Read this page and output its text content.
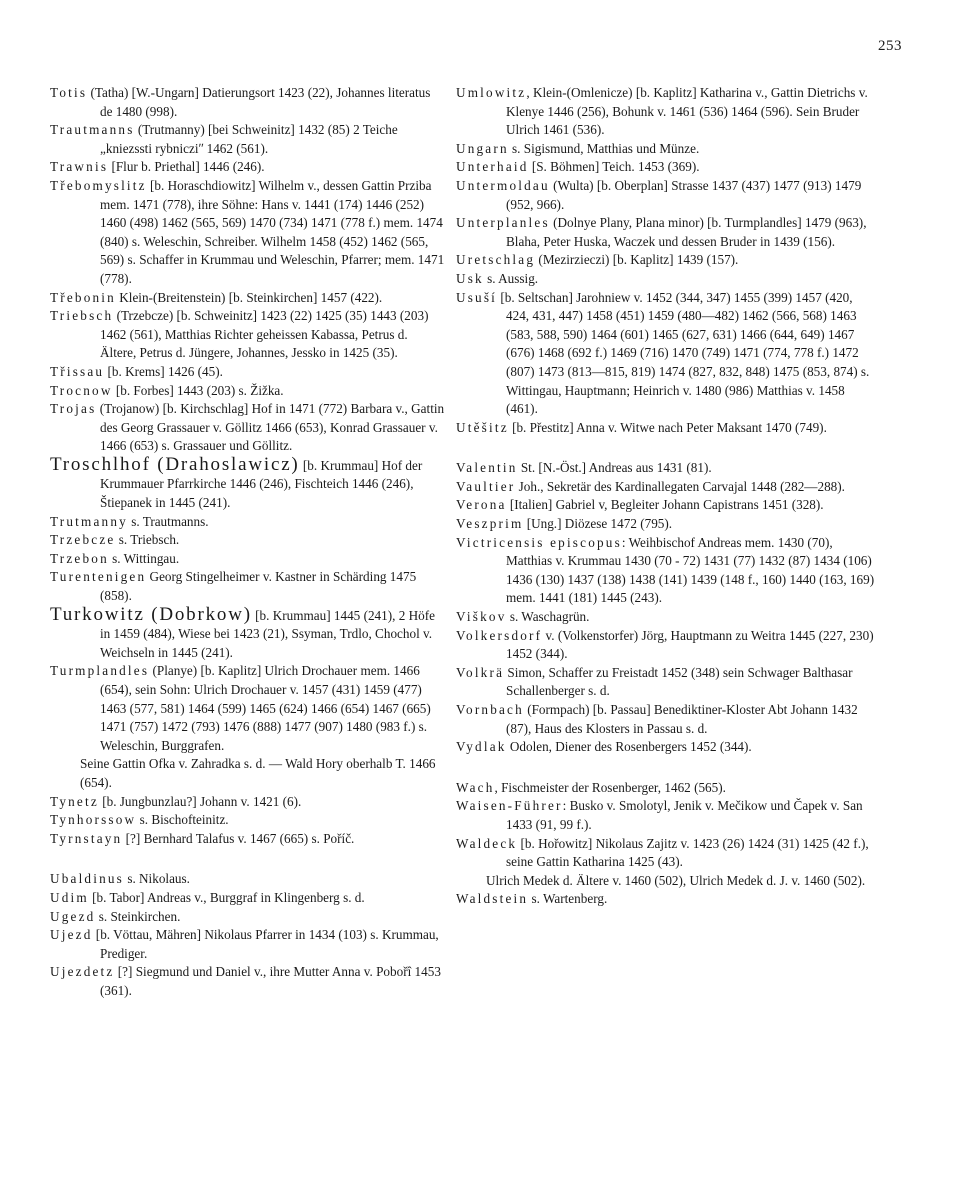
253

Totis (Tatha) [W.-Ungarn] Datierungsort 1423 (22), Johannes literatus de 1480 (998).

Trautmanns (Trutmanny) [bei Schweinitz] 1432 (85) 2 Teiche „kniezssti rybnicziʺ 1462 (561).

Trawnis [Flur b. Priethal] 1446 (246).

Třebomyslitz [b. Horaschdiowitz] Wilhelm v., dessen Gattin Prziba mem. 1471 (778), ihre Söhne: Hans v. 1441 (174) 1446 (252) 1460 (498) 1462 (565, 569) 1470 (734) 1471 (778 f.) mem. 1474 (840) s. Weleschin, Schreiber. Wilhelm 1458 (452) 1462 (565, 569) s. Schaffer in Krummau und Weleschin, Pfarrer; mem. 1471 (778).

Třebonin Klein-(Breitenstein) [b. Steinkirchen] 1457 (422).

Triebsch (Trzebcze) [b. Schweinitz] 1423 (22) 1425 (35) 1443 (203) 1462 (561), Matthias Richter geheissen Kabassa, Petrus d. Ältere, Petrus d. Jüngere, Johannes, Jessko in 1425 (35).

Třissau [b. Krems] 1426 (45).

Trocnow [b. Forbes] 1443 (203) s. Žižka.

Trojas (Trojanow) [b. Kirchschlag] Hof in 1471 (772) Barbara v., Gattin des Georg Grassauer v. Göllitz 1466 (653), Konrad Grassauer v. 1466 (653) s. Grassauer und Göllitz.

Troschlhof (Drahoslawicz) [b. Krummau] Hof der Krummauer Pfarrkirche 1446 (246), Fischteich 1446 (246), Štiepanek in 1445 (241).

Trutmanny s. Trautmanns.

Trzebcze s. Triebsch.

Trzebon s. Wittingau.

Turentenigen Georg Stingelheimer v. Kastner in Schärding 1475 (858).

Turkowitz (Dobrkow) [b. Krummau] 1445 (241), 2 Höfe in 1459 (484), Wiese bei 1423 (21), Ssyman, Trdlo, Chochol v. Weichseln in 1445 (241).

Turmplandles (Planye) [b. Kaplitz] Ulrich Drochauer mem. 1466 (654), sein Sohn: Ulrich Drochauer v. 1457 (431) 1459 (477) 1463 (577, 581) 1464 (599) 1465 (624) 1466 (654) 1467 (665) 1471 (757) 1472 (793) 1476 (888) 1477 (907) 1480 (983 f.) s. Weleschin, Burggrafen.

Seine Gattin Ofka v. Zahradka s. d. — Wald Hory oberhalb T. 1466 (654).

Tynetz [b. Jungbunzlau?] Johann v. 1421 (6).

Tynhorssow s. Bischofteinitz.

Tyrnstayn [?] Bernhard Talafus v. 1467 (665) s. Poříč.

Ubaldinus s. Nikolaus.

Udim [b. Tabor] Andreas v., Burggraf in Klingenberg s. d.

Ugezd s. Steinkirchen.

Ujezd [b. Vöttau, Mähren] Nikolaus Pfarrer in 1434 (103) s. Krummau, Prediger.

Ujezdetz [?] Siegmund und Daniel v., ihre Mutter Anna v. Pobořî 1453 (361).

Umlowitz, Klein-(Omlenicze) [b. Kaplitz] Katharina v., Gattin Dietrichs v. Klenye 1446 (256), Bohunk v. 1461 (536) 1464 (596). Sein Bruder Ulrich 1461 (536).

Ungarn s. Sigismund, Matthias und Münze.

Unterhaid [S. Böhmen] Teich. 1453 (369).

Untermoldau (Wulta) [b. Oberplan] Strasse 1437 (437) 1477 (913) 1479 (952, 966).

Unterplanles (Dolnye Plany, Plana minor) [b. Turmplandles] 1479 (963), Blaha, Peter Huska, Waczek und dessen Bruder in 1439 (156).

Uretschlag (Mezirzieczi) [b. Kaplitz] 1439 (157).

Usk s. Aussig.

Usuší [b. Seltschan] Jarohniew v. 1452 (344, 347) 1455 (399) 1457 (420, 424, 431, 447) 1458 (451) 1459 (480—482) 1462 (566, 568) 1463 (583, 588, 590) 1464 (601) 1465 (627, 631) 1466 (644, 649) 1467 (676) 1468 (692 f.) 1469 (716) 1470 (749) 1471 (774, 778 f.) 1472 (807) 1473 (813—815, 819) 1474 (827, 832, 848) 1475 (853, 874) s. Wittingau, Hauptmann; Heinrich v. 1480 (986) Matthias v. 1458 (461).

Utěšitz [b. Přestitz] Anna v. Witwe nach Peter Maksant 1470 (749).

Valentin St. [N.-Öst.] Andreas aus 1431 (81).

Vaultier Joh., Sekretär des Kardinallegaten Carvajal 1448 (282—288).

Verona [Italien] Gabriel v, Begleiter Johann Capistrans 1451 (328).

Veszprim [Ung.] Diözese 1472 (795).

Victricensis episcopus: Weihbischof Andreas mem. 1430 (70), Matthias v. Krummau 1430 (70 - 72) 1431 (77) 1432 (87) 1434 (106) 1436 (130) 1437 (138) 1438 (141) 1439 (148 f., 160) 1440 (163, 169) mem. 1441 (181) 1445 (243).

Viškov s. Waschagrün.

Volkersdorf v. (Volkenstorfer) Jörg, Hauptmann zu Weitra 1445 (227, 230) 1452 (344).

Volkrä Simon, Schaffer zu Freistadt 1452 (348) sein Schwager Balthasar Schallenberger s. d.

Vornbach (Formpach) [b. Passau] Benediktiner-Kloster Abt Johann 1432 (87), Haus des Klosters in Passau s. d.

Vydlak Odolen, Diener des Rosenbergers 1452 (344).

Wach, Fischmeister der Rosenberger, 1462 (565).

Waisen-Führer: Busko v. Smolotyl, Jenik v. Mečikow und Čapek v. San 1433 (91, 99 f.).

Waldeck [b. Hořowitz] Nikolaus Zajitz v. 1423 (26) 1424 (31) 1425 (42 f.), seine Gattin Katharina 1425 (43).

Ulrich Medek d. Ältere v. 1460 (502), Ulrich Medek d. J. v. 1460 (502).

Waldstein s. Wartenberg.
